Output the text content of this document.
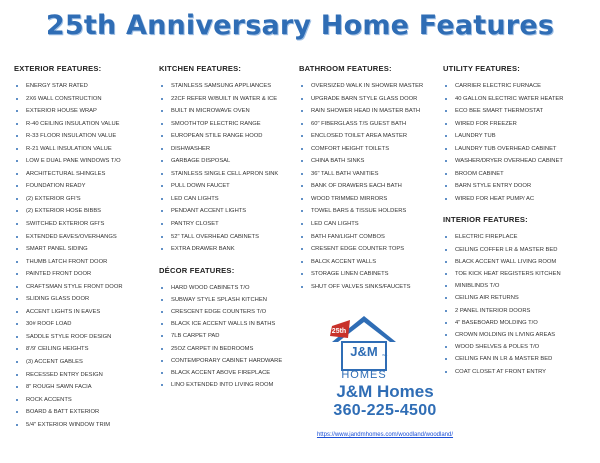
25th Anniversary Home Features
EXTERIOR FEATURES:
ENERGY STAR RATED
2X6 WALL CONSTRUCTION
EXTERIOR HOUSE WRAP
R-40 CEILING INSULATION VALUE
R-33 FLOOR INSULATION VALUE
R-21 WALL INSULATION VALUE
LOW E DUAL PANE WINDOWS T/O
ARCHITECTURAL SHINGLES
FOUNDATION READY
(2) EXTERIOR GFI'S
(2) EXTERIOR HOSE BIBBS
SWITCHED EXTERIOR GFI'S
EXTENDED EAVES/OVERHANGS
SMART PANEL SIDING
THUMB LATCH FRONT DOOR
PAINTED FRONT DOOR
CRAFTSMAN STYLE FRONT DOOR
SLIDING GLASS DOOR
ACCENT LIGHTS IN EAVES
30# ROOF LOAD
SADDLE STYLE ROOF DESIGN
8'/9' CEILING HEIGHTS
(3) ACCENT GABLES
RECESSED ENTRY DESIGN
8" ROUGH SAWN FACIA
ROCK ACCENTS
BOARD & BATT EXTERIOR
5/4" EXTERIOR WINDOW TRIM
KITCHEN FEATURES:
STAINLESS SAMSUNG APPLIANCES
22CF REFER W/BUILT IN WATER & ICE
BUILT IN MICROWAVE OVEN
SMOOTHTOP ELECTRIC RANGE
EUROPEAN STILE RANGE HOOD
DISHWASHER
GARBAGE DISPOSAL
STAINLESS SINGLE CELL APRON SINK
PULL DOWN FAUCET
LED CAN LIGHTS
PENDANT ACCENT LIGHTS
PANTRY CLOSET
52" TALL OVERHEAD CABINETS
EXTRA DRAWER BANK
DÉCOR FEATURES:
HARD WOOD CABINETS T/O
SUBWAY STYLE SPLASH KITCHEN
CRESCENT EDGE COUNTERS T/O
BLACK ICE ACCENT WALLS IN BATHS
7LB CARPET PAD
25OZ CARPET IN BEDROOMS
CONTEMPORARY CABINET HARDWARE
BLACK ACCENT ABOVE FIREPLACE
LINO EXTENDED INTO LIVING ROOM
BATHROOM FEATURES:
OVERSIZED WALK IN SHOWER MASTER
UPGRADE BARN STYLE GLASS DOOR
RAIN SHOWER HEAD IN MASTER BATH
60" FIBERGLASS T/S GUEST BATH
ENCLOSED TOILET AREA MASTER
COMFORT HEIGHT TOILETS
CHINA BATH SINKS
36" TALL BATH VANITIES
BANK OF DRAWERS EACH BATH
WOOD TRIMMED MIRRORS
TOWEL BARS & TISSUE HOLDERS
LED CAN LIGHTS
BATH FAN/LIGHT COMBOS
CRESENT EDGE COUNTER TOPS
BALCK ACCENT WALLS
STORAGE LINEN CABINETS
SHUT OFF VALVES SINKS/FAUCETS
UTILITY FEATURES:
CARRIER ELECTRIC FURNACE
40 GALLON ELECTRIC WATER HEATER
ECO BEE SMART THERMOSTAT
WIRED FOR FREEZER
LAUNDRY TUB
LAUNDRY TUB OVERHEAD CABINET
WASHER/DRYER OVERHEAD CABINET
BROOM CABINET
BARN STYLE ENTRY DOOR
WIRED FOR HEAT PUMP/ AC
INTERIOR FEATURES:
ELECTRIC FIREPLACE
CEILING COFFER LR & MASTER BED
BLACK ACCENT WALL LIVING ROOM
TOE KICK HEAT REGISTERS KITCHEN
MINIBLINDS T/O
CEILING AIR RETURNS
2 PANEL INTERIOR DOORS
4" BASEBOARD MOLDING T/O
CROWN MOLDING IN LIVING AREAS
WOOD SHELVES & POLES T/O
CEILING FAN IN LR & MASTER BED
COAT CLOSET AT FRONT ENTRY
25th
J&M INC.
HOMES
J&M Homes
360-225-4500
https://www.jandmhomes.com/woodland/woodland/
